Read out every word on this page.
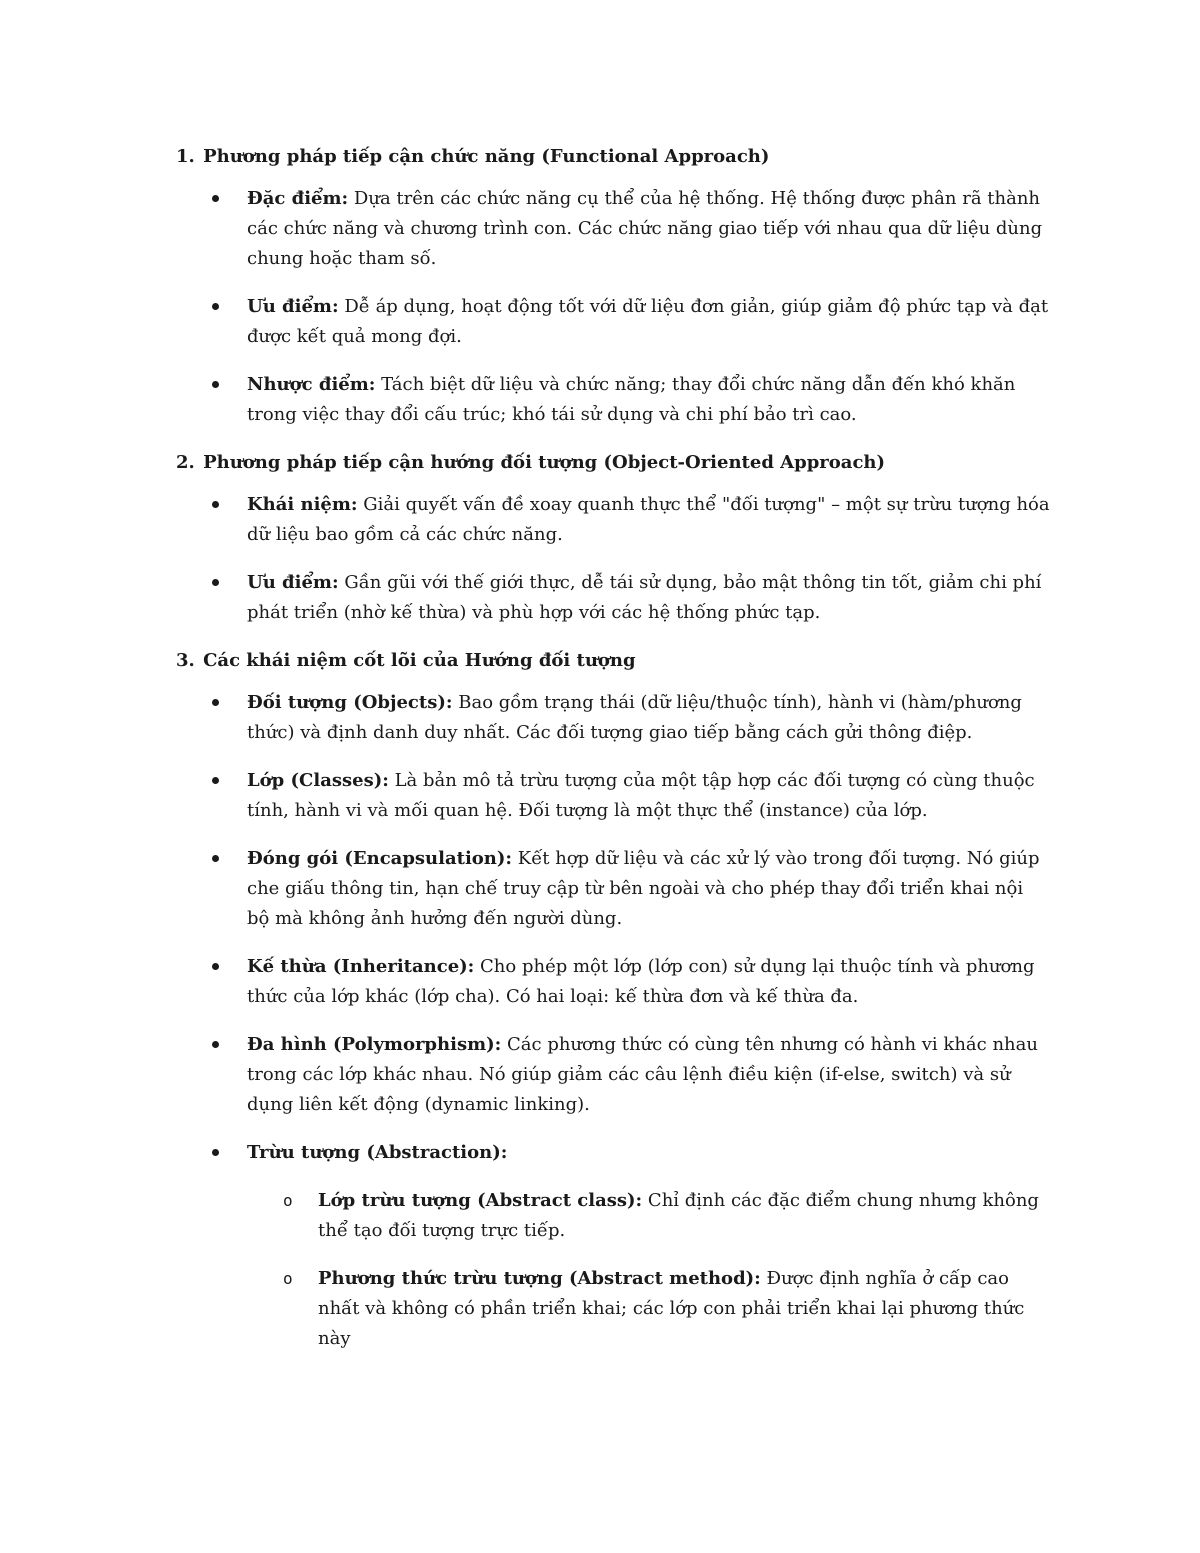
1. Phương pháp tiếp cận chức năng (Functional Approach)

Đặc điểm: Dựa trên các chức năng cụ thể của hệ thống. Hệ thống được phân rã thành các chức năng và chương trình con. Các chức năng giao tiếp với nhau qua dữ liệu dùng chung hoặc tham số.
Ưu điểm: Dễ áp dụng, hoạt động tốt với dữ liệu đơn giản, giúp giảm độ phức tạp và đạt được kết quả mong đợi.
Nhược điểm: Tách biệt dữ liệu và chức năng; thay đổi chức năng dẫn đến khó khăn trong việc thay đổi cấu trúc; khó tái sử dụng và chi phí bảo trì cao.

2. Phương pháp tiếp cận hướng đối tượng (Object-Oriented Approach)

Khái niệm: Giải quyết vấn đề xoay quanh thực thể "đối tượng" – một sự trừu tượng hóa dữ liệu bao gồm cả các chức năng.
Ưu điểm: Gần gũi với thế giới thực, dễ tái sử dụng, bảo mật thông tin tốt, giảm chi phí phát triển (nhờ kế thừa) và phù hợp với các hệ thống phức tạp.

3. Các khái niệm cốt lõi của Hướng đối tượng

Đối tượng (Objects): Bao gồm trạng thái (dữ liệu/thuộc tính), hành vi (hàm/phương thức) và định danh duy nhất. Các đối tượng giao tiếp bằng cách gửi thông điệp.
Lớp (Classes): Là bản mô tả trừu tượng của một tập hợp các đối tượng có cùng thuộc tính, hành vi và mối quan hệ. Đối tượng là một thực thể (instance) của lớp.
Đóng gói (Encapsulation): Kết hợp dữ liệu và các xử lý vào trong đối tượng. Nó giúp che giấu thông tin, hạn chế truy cập từ bên ngoài và cho phép thay đổi triển khai nội bộ mà không ảnh hưởng đến người dùng.
Kế thừa (Inheritance): Cho phép một lớp (lớp con) sử dụng lại thuộc tính và phương thức của lớp khác (lớp cha). Có hai loại: kế thừa đơn và kế thừa đa.
Đa hình (Polymorphism): Các phương thức có cùng tên nhưng có hành vi khác nhau trong các lớp khác nhau. Nó giúp giảm các câu lệnh điều kiện (if-else, switch) và sử dụng liên kết động (dynamic linking).
Trừu tượng (Abstraction):
o Lớp trừu tượng (Abstract class): Chỉ định các đặc điểm chung nhưng không thể tạo đối tượng trực tiếp.
o Phương thức trừu tượng (Abstract method): Được định nghĩa ở cấp cao nhất và không có phần triển khai; các lớp con phải triển khai lại phương thức này
